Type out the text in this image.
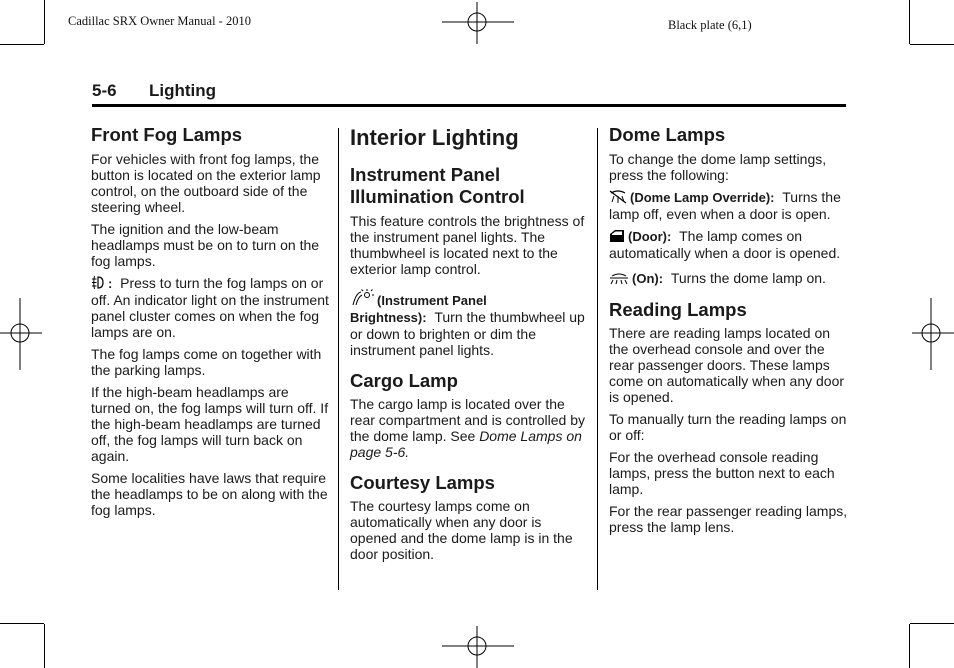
Cadillac SRX Owner Manual - 2010	Black plate (6,1)
5-6 Lighting
Front Fog Lamps

For vehicles with front fog lamps, the button is located on the exterior lamp control, on the outboard side of the steering wheel.

The ignition and the low-beam headlamps must be on to turn on the fog lamps.

: Press to turn the fog lamps on or off. An indicator light on the instrument panel cluster comes on when the fog lamps are on.

The fog lamps come on together with the parking lamps.

If the high-beam headlamps are turned on, the fog lamps will turn off. If the high-beam headlamps are turned off, the fog lamps will turn back on again.

Some localities have laws that require the headlamps to be on along with the fog lamps.

Interior Lighting
Instrument Panel Illumination Control

This feature controls the brightness of the instrument panel lights. The thumbwheel is located next to the exterior lamp control.

(Instrument Panel Brightness): Turn the thumbwheel up or down to brighten or dim the instrument panel lights.

Cargo Lamp

The cargo lamp is located over the rear compartment and is controlled by the dome lamp. See Dome Lamps on page 5-6.

Courtesy Lamps

The courtesy lamps come on automatically when any door is opened and the dome lamp is in the door position.

Dome Lamps

To change the dome lamp settings, press the following:

(Dome Lamp Override): Turns the lamp off, even when a door is open.

(Door): The lamp comes on automatically when a door is opened.

(On): Turns the dome lamp on.

Reading Lamps

There are reading lamps located on the overhead console and over the rear passenger doors. These lamps come on automatically when any door is opened.

To manually turn the reading lamps on or off:

For the overhead console reading lamps, press the button next to each lamp.

For the rear passenger reading lamps, press the lamp lens.
